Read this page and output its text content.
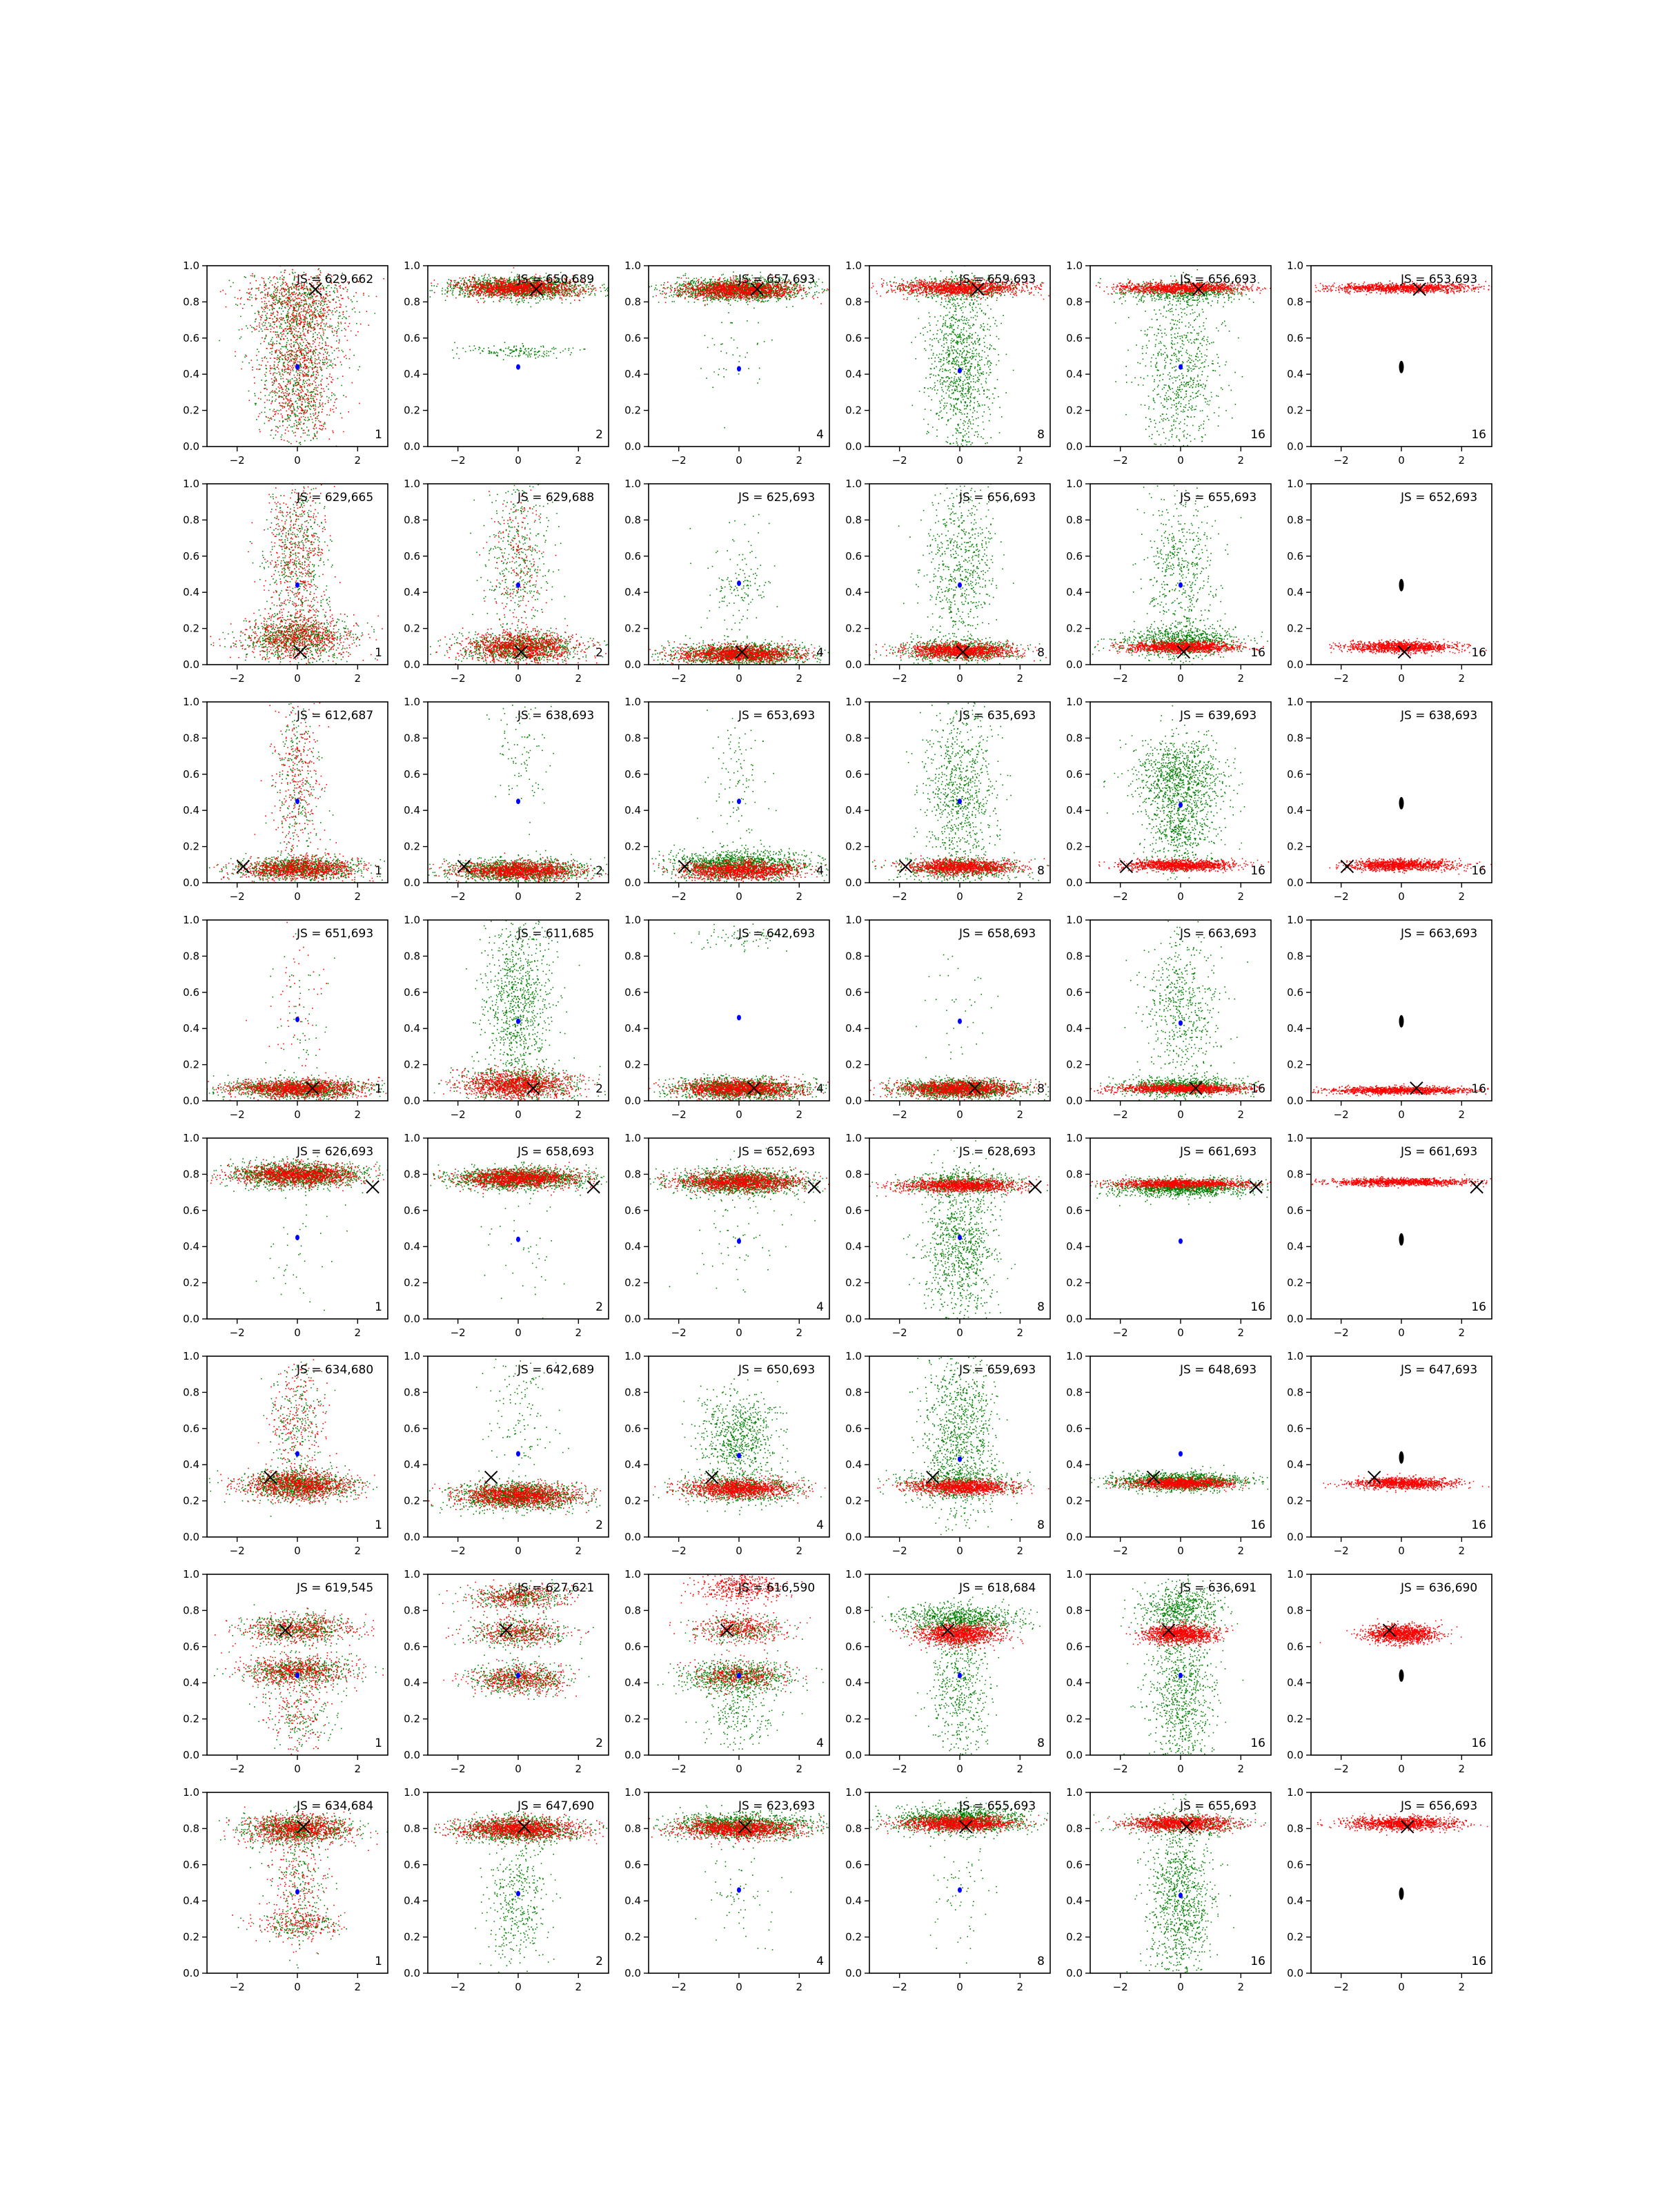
−2	0	2
0.0
0.2
0.4
0.6
0.8
1.0
JS = 629,662
1
−2	0	2
0.0
0.2
0.4
0.6
0.8
1.0
JS = 650,689
2
−2	0	2
0.0
0.2
0.4
0.6
0.8
1.0
JS = 657,693
4
−2	0	2
0.0
0.2
0.4
0.6
0.8
1.0
JS = 659,693
8
−2	0	2
0.0
0.2
0.4
0.6
0.8
1.0
JS = 656,693
16
−2	0	2
0.0
0.2
0.4
0.6
0.8
1.0
JS = 653,693
16
−2	0	2
0.0
0.2
0.4
0.6
0.8
1.0
JS = 629,665
1
−2	0	2
0.0
0.2
0.4
0.6
0.8
1.0
JS = 629,688
2
−2	0	2
0.0
0.2
0.4
0.6
0.8
1.0
JS = 625,693
4
−2	0	2
0.0
0.2
0.4
0.6
0.8
1.0
JS = 656,693
8
−2	0	2
0.0
0.2
0.4
0.6
0.8
1.0
JS = 655,693
16
−2	0	2
0.0
0.2
0.4
0.6
0.8
1.0
JS = 652,693
16
−2	0	2
0.0
0.2
0.4
0.6
0.8
1.0
JS = 612,687
1
−2	0	2
0.0
0.2
0.4
0.6
0.8
1.0
JS = 638,693
2
−2	0	2
0.0
0.2
0.4
0.6
0.8
1.0
JS = 653,693
4
−2	0	2
0.0
0.2
0.4
0.6
0.8
1.0
JS = 635,693
8
−2	0	2
0.0
0.2
0.4
0.6
0.8
1.0
JS = 639,693
16
−2	0	2
0.0
0.2
0.4
0.6
0.8
1.0
JS = 638,693
16
−2	0	2
0.0
0.2
0.4
0.6
0.8
1.0
JS = 651,693
1
−2	0	2
0.0
0.2
0.4
0.6
0.8
1.0
JS = 611,685
2
−2	0	2
0.0
0.2
0.4
0.6
0.8
1.0
JS = 642,693
4
−2	0	2
0.0
0.2
0.4
0.6
0.8
1.0
JS = 658,693
8
−2	0	2
0.0
0.2
0.4
0.6
0.8
1.0
JS = 663,693
16
−2	0	2
0.0
0.2
0.4
0.6
0.8
1.0
JS = 663,693
16
−2	0	2
0.0
0.2
0.4
0.6
0.8
1.0
JS = 626,693
1
−2	0	2
0.0
0.2
0.4
0.6
0.8
1.0
JS = 658,693
2
−2	0	2
0.0
0.2
0.4
0.6
0.8
1.0
JS = 652,693
4
−2	0	2
0.0
0.2
0.4
0.6
0.8
1.0
JS = 628,693
8
−2	0	2
0.0
0.2
0.4
0.6
0.8
1.0
JS = 661,693
16
−2	0	2
0.0
0.2
0.4
0.6
0.8
1.0
JS = 661,693
16
−2	0	2
0.0
0.2
0.4
0.6
0.8
1.0
JS = 634,680
1
−2	0	2
0.0
0.2
0.4
0.6
0.8
1.0
JS = 642,689
2
−2	0	2
0.0
0.2
0.4
0.6
0.8
1.0
JS = 650,693
4
−2	0	2
0.0
0.2
0.4
0.6
0.8
1.0
JS = 659,693
8
−2	0	2
0.0
0.2
0.4
0.6
0.8
1.0
JS = 648,693
16
−2	0	2
0.0
0.2
0.4
0.6
0.8
1.0
JS = 647,693
16
−2	0	2
0.0
0.2
0.4
0.6
0.8
1.0
JS = 619,545
1
−2	0	2
0.0
0.2
0.4
0.6
0.8
1.0
JS = 627,621
2
−2	0	2
0.0
0.2
0.4
0.6
0.8
1.0
JS = 616,590
4
−2	0	2
0.0
0.2
0.4
0.6
0.8
1.0
JS = 618,684
8
−2	0	2
0.0
0.2
0.4
0.6
0.8
1.0
JS = 636,691
16
−2	0	2
0.0
0.2
0.4
0.6
0.8
1.0
JS = 636,690
16
−2	0	2
0.0
0.2
0.4
0.6
0.8
1.0
JS = 634,684
1
−2	0	2
0.0
0.2
0.4
0.6
0.8
1.0
JS = 647,690
2
−2	0	2
0.0
0.2
0.4
0.6
0.8
1.0
JS = 623,693
4
−2	0	2
0.0
0.2
0.4
0.6
0.8
1.0
JS = 655,693
8
−2	0	2
0.0
0.2
0.4
0.6
0.8
1.0
JS = 655,693
16
−2	0	2
0.0
0.2
0.4
0.6
0.8
1.0
JS = 656,693
16
